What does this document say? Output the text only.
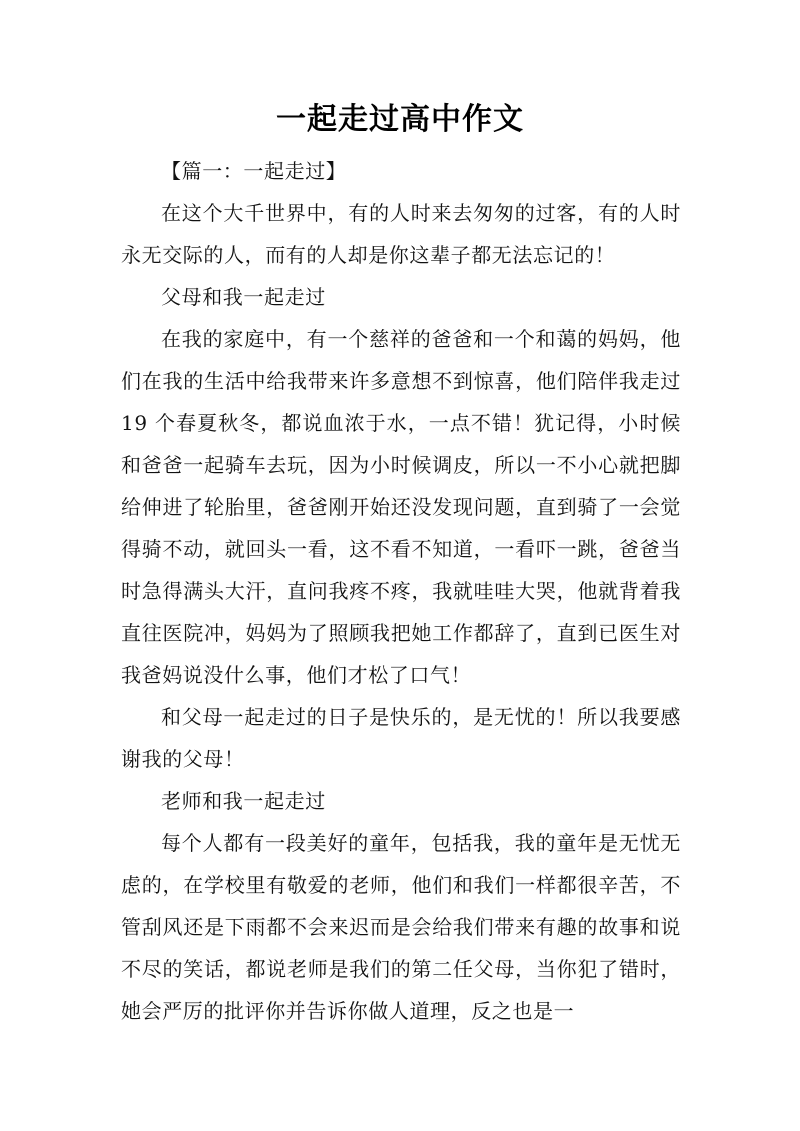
一起走过高中作文

【篇一：一起走过】

在这个大千世界中，有的人时来去匆匆的过客，有的人时永无交际的人，而有的人却是你这辈子都无法忘记的！

父母和我一起走过

在我的家庭中，有一个慈祥的爸爸和一个和蔼的妈妈，他们在我的生活中给我带来许多意想不到惊喜，他们陪伴我走过 19 个春夏秋冬，都说血浓于水，一点不错！犹记得，小时候和爸爸一起骑车去玩，因为小时候调皮，所以一不小心就把脚给伸进了轮胎里，爸爸刚开始还没发现问题，直到骑了一会觉得骑不动，就回头一看，这不看不知道，一看吓一跳，爸爸当时急得满头大汗，直问我疼不疼，我就哇哇大哭，他就背着我直往医院冲，妈妈为了照顾我把她工作都辞了，直到已医生对我爸妈说没什么事，他们才松了口气！

和父母一起走过的日子是快乐的，是无忧的！所以我要感谢我的父母！

老师和我一起走过

每个人都有一段美好的童年，包括我，我的童年是无忧无虑的，在学校里有敬爱的老师，他们和我们一样都很辛苦，不管刮风还是下雨都不会来迟而是会给我们带来有趣的故事和说不尽的笑话，都说老师是我们的第二任父母，当你犯了错时，她会严厉的批评你并告诉你做人道理，反之也是一
